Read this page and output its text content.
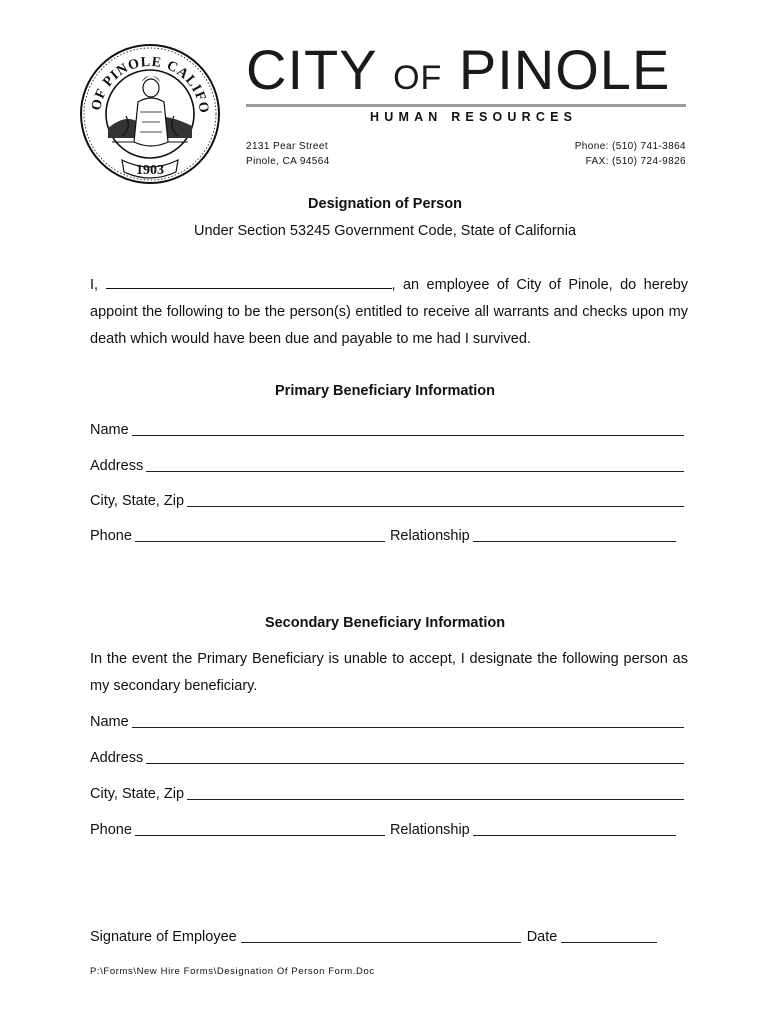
OF PINOLE CALIFO
1903
CITY OF PINOLE
HUMAN RESOURCES
2131 Pear Street
Pinole, CA 94564
Phone: (510) 741-3864
FAX: (510) 724-9826
Designation of Person
Under Section 53245 Government Code, State of California
I,	, an employee of City of Pinole, do hereby appoint the following to be the person(s) entitled to receive all warrants and checks upon my death which would have been due and payable to me had I survived.
Primary Beneficiary Information
Name
Address
City, State, Zip
Phone	Relationship
Secondary Beneficiary Information
In the event the Primary Beneficiary is unable to accept, I designate the following person as my secondary beneficiary.
Name
Address
City, State, Zip
Phone	Relationship
Signature of Employee	Date
P:\Forms\New Hire Forms\Designation Of Person Form.Doc
